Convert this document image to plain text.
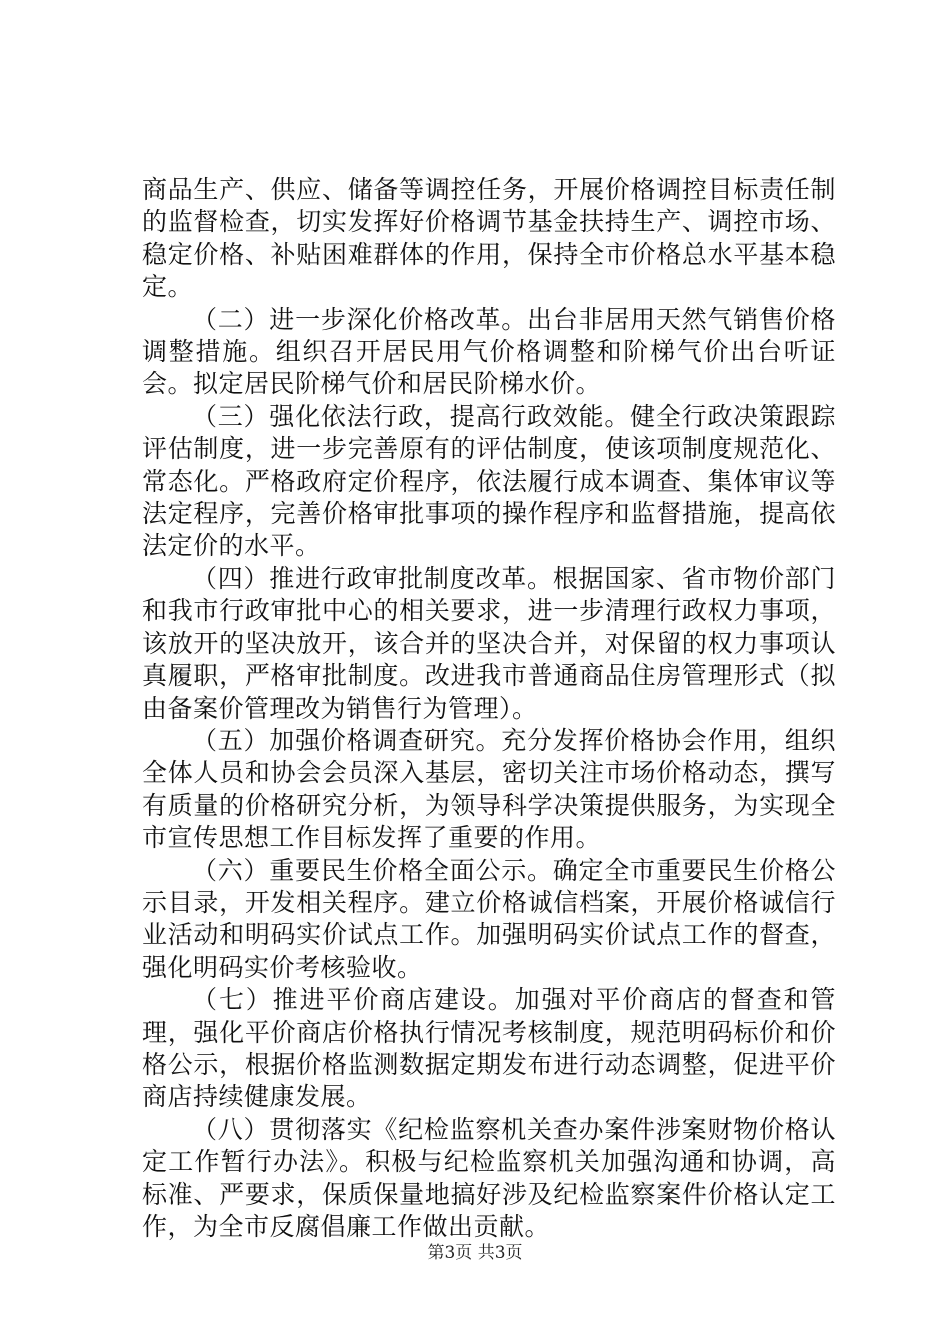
商品生产、供应、储备等调控任务，开展价格调控目标责任制的监督检查，切实发挥好价格调节基金扶持生产、调控市场、稳定价格、补贴困难群体的作用，保持全市价格总水平基本稳定。

（二）进一步深化价格改革。出台非居用天然气销售价格调整措施。组织召开居民用气价格调整和阶梯气价出台听证会。拟定居民阶梯气价和居民阶梯水价。

（三）强化依法行政，提高行政效能。健全行政决策跟踪评估制度，进一步完善原有的评估制度，使该项制度规范化、常态化。严格政府定价程序，依法履行成本调查、集体审议等法定程序，完善价格审批事项的操作程序和监督措施，提高依法定价的水平。

（四）推进行政审批制度改革。根据国家、省市物价部门和我市行政审批中心的相关要求，进一步清理行政权力事项，该放开的坚决放开，该合并的坚决合并，对保留的权力事项认真履职，严格审批制度。改进我市普通商品住房管理形式（拟由备案价管理改为销售行为管理）。

（五）加强价格调查研究。充分发挥价格协会作用，组织全体人员和协会会员深入基层，密切关注市场价格动态，撰写有质量的价格研究分析，为领导科学决策提供服务，为实现全市宣传思想工作目标发挥了重要的作用。

（六）重要民生价格全面公示。确定全市重要民生价格公示目录，开发相关程序。建立价格诚信档案，开展价格诚信行业活动和明码实价试点工作。加强明码实价试点工作的督查，强化明码实价考核验收。

（七）推进平价商店建设。加强对平价商店的督查和管理，强化平价商店价格执行情况考核制度，规范明码标价和价格公示，根据价格监测数据定期发布进行动态调整，促进平价商店持续健康发展。

（八）贯彻落实《纪检监察机关查办案件涉案财物价格认定工作暂行办法》。积极与纪检监察机关加强沟通和协调，高标准、严要求，保质保量地搞好涉及纪检监察案件价格认定工作，为全市反腐倡廉工作做出贡献。

第3页 共3页
